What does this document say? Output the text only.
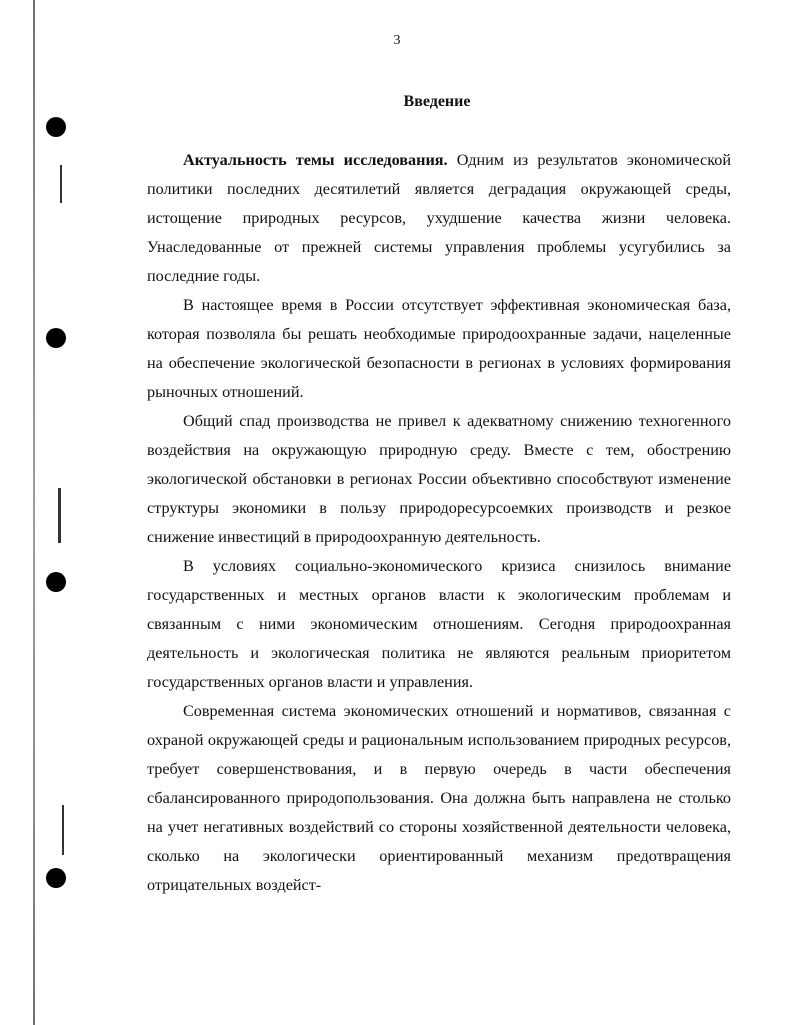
3
Введение

Актуальность темы исследования. Одним из результатов экономической политики последних десятилетий является деградация окружающей среды, истощение природных ресурсов, ухудшение качества жизни человека. Унаследованные от прежней системы управления проблемы усугубились за последние годы.

В настоящее время в России отсутствует эффективная экономическая база, которая позволяла бы решать необходимые природоохранные задачи, нацеленные на обеспечение экологической безопасности в регионах в условиях формирования рыночных отношений.

Общий спад производства не привел к адекватному снижению техногенного воздействия на окружающую природную среду. Вместе с тем, обострению экологической обстановки в регионах России объективно способствуют изменение структуры экономики в пользу природоресурсоемких производств и резкое снижение инвестиций в природоохранную деятельность.

В условиях социально-экономического кризиса снизилось внимание государственных и местных органов власти к экологическим проблемам и связанным с ними экономическим отношениям. Сегодня природоохранная деятельность и экологическая политика не являются реальным приоритетом государственных органов власти и управления.

Современная система экономических отношений и нормативов, связанная с охраной окружающей среды и рациональным использованием природных ресурсов, требует совершенствования, и в первую очередь в части обеспечения сбалансированного природопользования. Она должна быть направлена не столько на учет негативных воздействий со стороны хозяйственной деятельности человека, сколько на экологически ориентированный механизм предотвращения отрицательных воздейст-
